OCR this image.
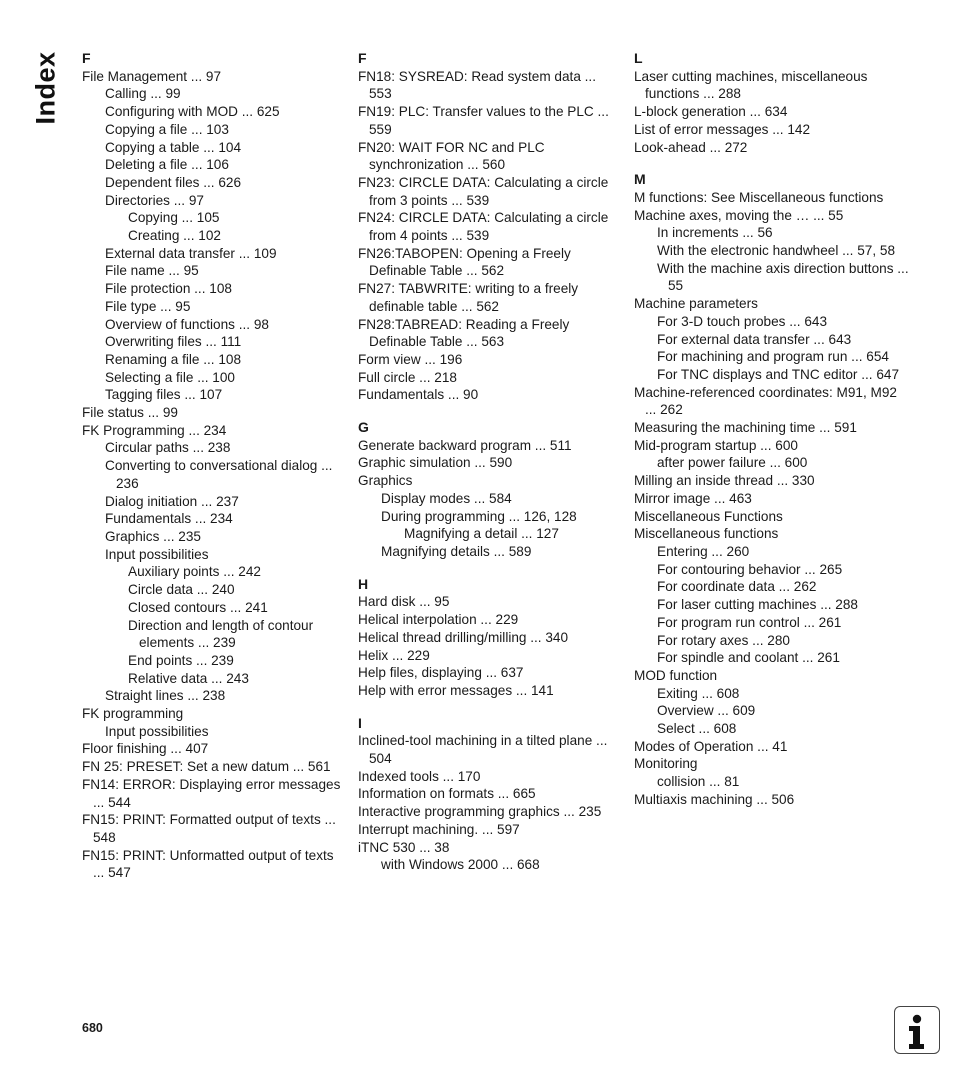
Index F
File Management ... 97
Calling ... 99
Configuring with MOD ... 625
Copying a file ... 103
Copying a table ... 104
Deleting a file ... 106
Dependent files ... 626
Directories ... 97
Copying ... 105
Creating ... 102
External data transfer ... 109
File name ... 95
File protection ... 108
File type ... 95
Overview of functions ... 98
Overwriting files ... 111
Renaming a file ... 108
Selecting a file ... 100
Tagging files ... 107
File status ... 99
FK Programming ... 234
Circular paths ... 238
Converting to conversational dialog ... 236
Dialog initiation ... 237
Fundamentals ... 234
Graphics ... 235
Input possibilities
Auxiliary points ... 242
Circle data ... 240
Closed contours ... 241
Direction and length of contour elements ... 239
End points ... 239
Relative data ... 243
Straight lines ... 238
FK programming
Input possibilities
Floor finishing ... 407
FN 25: PRESET: Set a new datum ... 561
FN14: ERROR: Displaying error messages ... 544
FN15: PRINT: Formatted output of texts ... 548
FN15: PRINT: Unformatted output of texts ... 547
F
FN18: SYSREAD: Read system data ... 553
FN19: PLC: Transfer values to the PLC ... 559
FN20: WAIT FOR NC and PLC synchronization ... 560
FN23: CIRCLE DATA: Calculating a circle from 3 points ... 539
FN24: CIRCLE DATA: Calculating a circle from 4 points ... 539
FN26:TABOPEN: Opening a Freely Definable Table ... 562
FN27: TABWRITE: writing to a freely definable table ... 562
FN28:TABREAD: Reading a Freely Definable Table ... 563
Form view ... 196
Full circle ... 218
Fundamentals ... 90
G
Generate backward program ... 511
Graphic simulation ... 590
Graphics
Display modes ... 584
During programming ... 126, 128
Magnifying a detail ... 127
Magnifying details ... 589
H
Hard disk ... 95
Helical interpolation ... 229
Helical thread drilling/milling ... 340
Helix ... 229
Help files, displaying ... 637
Help with error messages ... 141
I
Inclined-tool machining in a tilted plane ... 504
Indexed tools ... 170
Information on formats ... 665
Interactive programming graphics ... 235
Interrupt machining. ... 597
iTNC 530 ... 38
with Windows 2000 ... 668
L
Laser cutting machines, miscellaneous functions ... 288
L-block generation ... 634
List of error messages ... 142
Look-ahead ... 272
M
M functions: See Miscellaneous functions
Machine axes, moving the … ... 55
In increments ... 56
With the electronic handwheel ... 57, 58
With the machine axis direction buttons ... 55
Machine parameters
For 3-D touch probes ... 643
For external data transfer ... 643
For machining and program run ... 654
For TNC displays and TNC editor ... 647
Machine-referenced coordinates: M91, M92 ... 262
Measuring the machining time ... 591
Mid-program startup ... 600
after power failure ... 600
Milling an inside thread ... 330
Mirror image ... 463
Miscellaneous Functions
Miscellaneous functions
Entering ... 260
For contouring behavior ... 265
For coordinate data ... 262
For laser cutting machines ... 288
For program run control ... 261
For rotary axes ... 280
For spindle and coolant ... 261
MOD function
Exiting ... 608
Overview ... 609
Select ... 608
Modes of Operation ... 41
Monitoring
collision ... 81
Multiaxis machining ... 506
680
